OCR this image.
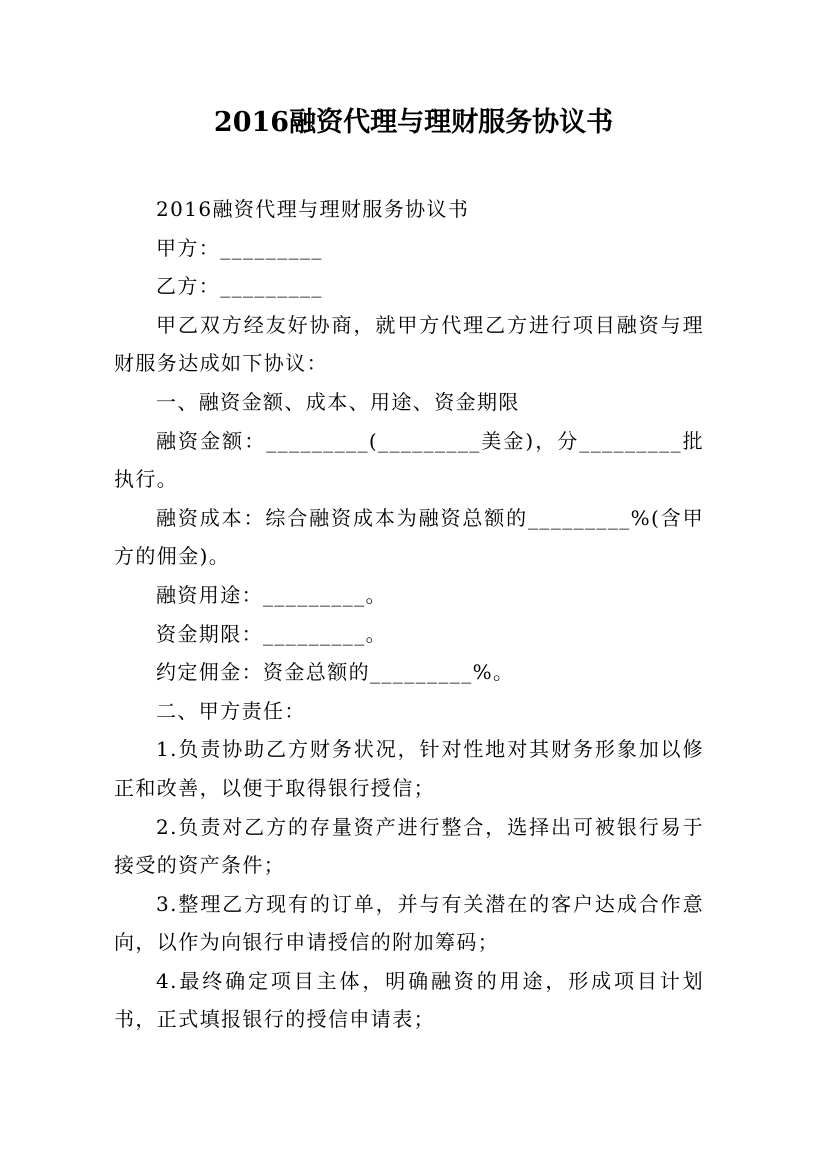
2016融资代理与理财服务协议书

2016融资代理与理财服务协议书

甲方：_________

乙方：_________

甲乙双方经友好协商，就甲方代理乙方进行项目融资与理财服务达成如下协议：

一、融资金额、成本、用途、资金期限

融资金额：_________(_________美金)，分_________批执行。

融资成本：综合融资成本为融资总额的_________%(含甲方的佣金)。

融资用途：_________。

资金期限：_________。

约定佣金：资金总额的_________%。

二、甲方责任：

1.负责协助乙方财务状况，针对性地对其财务形象加以修正和改善，以便于取得银行授信；

2.负责对乙方的存量资产进行整合，选择出可被银行易于接受的资产条件；

3.整理乙方现有的订单，并与有关潜在的客户达成合作意向，以作为向银行申请授信的附加筹码；

4.最终确定项目主体，明确融资的用途，形成项目计划书，正式填报银行的授信申请表；
